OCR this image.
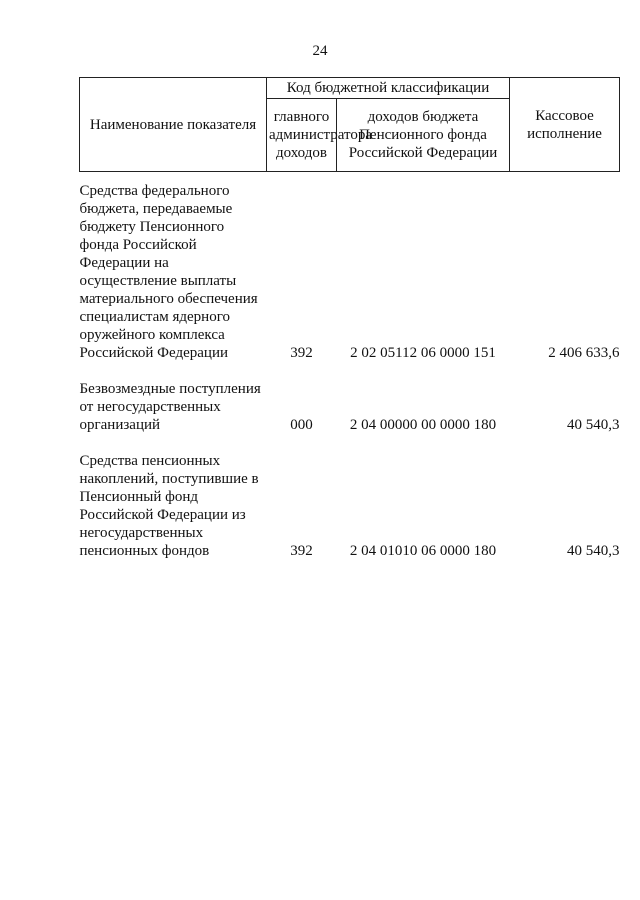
24
Наименование показателя	Код бюджетной классификации		Кассовое исполнение
	главного администратора доходов	доходов бюджета Пенсионного фонда Российской Федерации	

Средства федерального бюджета, передаваемые бюджету Пенсионного фонда Российской Федерации на осуществление выплаты материального обеспечения специалистам ядерного оружейного комплекса Российской Федерации	392	2 02 05112 06 0000 151	2 406 633,6

Безвозмездные поступления от негосударственных организаций	000	2 04 00000 00 0000 180	40 540,3

Средства пенсионных накоплений, поступившие в Пенсионный фонд Российской Федерации из негосударственных пенсионных фондов	392	2 04 01010 06 0000 180	40 540,3
